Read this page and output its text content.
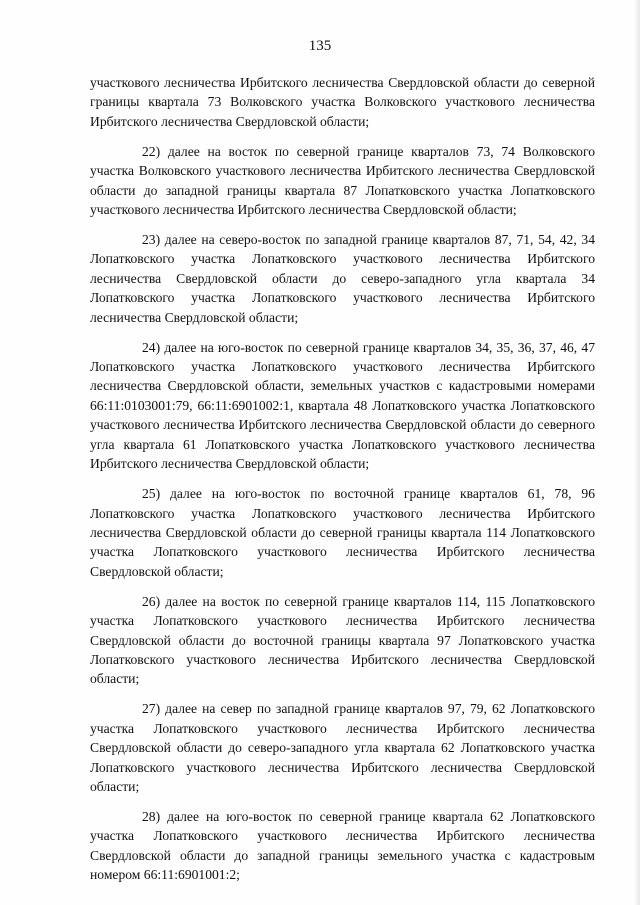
135

участкового лесничества Ирбитского лесничества Свердловской области до северной границы квартала 73 Волковского участка Волковского участкового лесничества Ирбитского лесничества Свердловской области;

22) далее на восток по северной границе кварталов 73, 74 Волковского участка Волковского участкового лесничества Ирбитского лесничества Свердловской области до западной границы квартала 87 Лопатковского участка Лопатковского участкового лесничества Ирбитского лесничества Свердловской области;

23) далее на северо-восток по западной границе кварталов 87, 71, 54, 42, 34 Лопатковского участка Лопатковского участкового лесничества Ирбитского лесничества Свердловской области до северо-западного угла квартала 34 Лопатковского участка Лопатковского участкового лесничества Ирбитского лесничества Свердловской области;

24) далее на юго-восток по северной границе кварталов 34, 35, 36, 37, 46, 47 Лопатковского участка Лопатковского участкового лесничества Ирбитского лесничества Свердловской области, земельных участков с кадастровыми номерами 66:11:0103001:79, 66:11:6901002:1, квартала 48 Лопатковского участка Лопатковского участкового лесничества Ирбитского лесничества Свердловской области до северного угла квартала 61 Лопатковского участка Лопатковского участкового лесничества Ирбитского лесничества Свердловской области;

25) далее на юго-восток по восточной границе кварталов 61, 78, 96 Лопатковского участка Лопатковского участкового лесничества Ирбитского лесничества Свердловской области до северной границы квартала 114 Лопатковского участка Лопатковского участкового лесничества Ирбитского лесничества Свердловской области;

26) далее на восток по северной границе кварталов 114, 115 Лопатковского участка Лопатковского участкового лесничества Ирбитского лесничества Свердловской области до восточной границы квартала 97 Лопатковского участка Лопатковского участкового лесничества Ирбитского лесничества Свердловской области;

27) далее на север по западной границе кварталов 97, 79, 62 Лопатковского участка Лопатковского участкового лесничества Ирбитского лесничества Свердловской области до северо-западного угла квартала 62 Лопатковского участка Лопатковского участкового лесничества Ирбитского лесничества Свердловской области;

28) далее на юго-восток по северной границе квартала 62 Лопатковского участка Лопатковского участкового лесничества Ирбитского лесничества Свердловской области до западной границы земельного участка с кадастровым номером 66:11:6901001:2;
